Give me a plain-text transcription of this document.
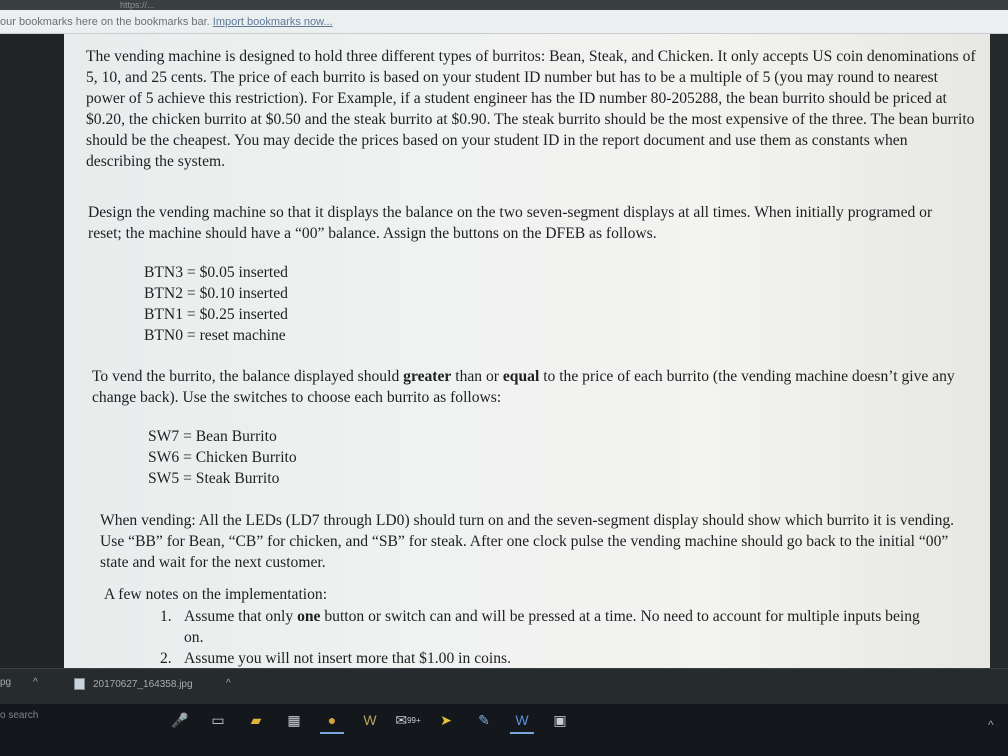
https://...
our bookmarks here on the bookmarks bar. Import bookmarks now...

The vending machine is designed to hold three different types of burritos: Bean, Steak, and Chicken. It only accepts US coin denominations of 5, 10, and 25 cents. The price of each burrito is based on your student ID number but has to be a multiple of 5 (you may round to nearest power of 5 achieve this restriction). For Example, if a student engineer has the ID number 80-205288, the bean burrito should be priced at $0.20, the chicken burrito at $0.50 and the steak burrito at $0.90. The steak burrito should be the most expensive of the three. The bean burrito should be the cheapest. You may decide the prices based on your student ID in the report document and use them as constants when describing the system.

Design the vending machine so that it displays the balance on the two seven-segment displays at all times. When initially programed or reset; the machine should have a “00” balance. Assign the buttons on the DFEB as follows.

BTN3 = $0.05 inserted
BTN2 = $0.10 inserted
BTN1 = $0.25 inserted
BTN0 = reset machine

To vend the burrito, the balance displayed should greater than or equal to the price of each burrito (the vending machine doesn’t give any change back). Use the switches to choose each burrito as follows:

SW7 = Bean Burrito
SW6 = Chicken Burrito
SW5 = Steak Burrito

When vending: All the LEDs (LD7 through LD0) should turn on and the seven-segment display should show which burrito it is vending. Use “BB” for Bean, “CB” for chicken, and “SB” for steak. After one clock pulse the vending machine should go back to the initial “00” state and wait for the next customer.

A few notes on the implementation:

1. Assume that only one button or switch can and will be pressed at a time. No need to account for multiple inputs being on.
2. Assume you will not insert more that $1.00 in coins.
pg ^	20170627_164358.jpg	^
o search	🎤	▭	▰	▦	●	W	✉ 99+	➤	✎	W	▣	^
